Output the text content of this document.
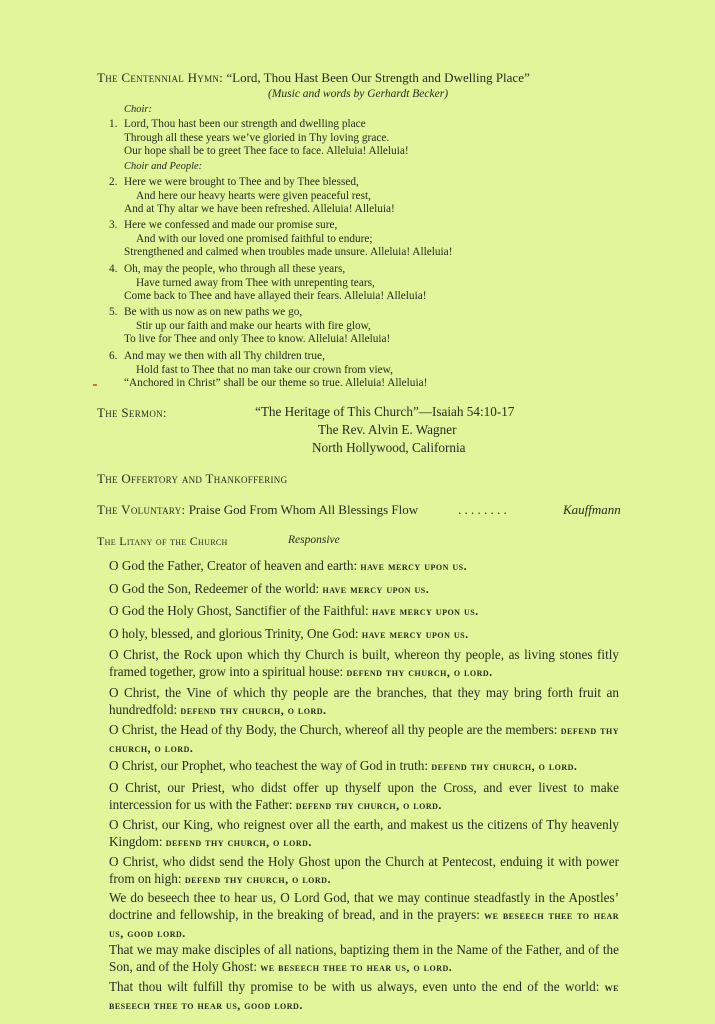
The Centennial Hymn: “Lord, Thou Hast Been Our Strength and Dwelling Place”
(Music and words by Gerhardt Becker)
Choir:
Choir and People:
1. Lord, Thou hast been our strength and dwelling place
Through all these years we’ve gloried in Thy loving grace.
Our hope shall be to greet Thee face to face. Alleluia! Alleluia!
2. Here we were brought to Thee and by Thee blessed,
And here our heavy hearts were given peaceful rest,
And at Thy altar we have been refreshed. Alleluia! Alleluia!
3. Here we confessed and made our promise sure,
And with our loved one promised faithful to endure;
Strengthened and calmed when troubles made unsure. Alleluia! Alleluia!
4. Oh, may the people, who through all these years,
Have turned away from Thee with unrepenting tears,
Come back to Thee and have allayed their fears. Alleluia! Alleluia!
5. Be with us now as on new paths we go,
Stir up our faith and make our hearts with fire glow,
To live for Thee and only Thee to know. Alleluia! Alleluia!
6. And may we then with all Thy children true,
Hold fast to Thee that no man take our crown from view,
“Anchored in Christ” shall be our theme so true. Alleluia! Alleluia!
The Sermon:	“The Heritage of This Church”—Isaiah 54:10-17
The Rev. Alvin E. Wagner
North Hollywood, California
The Offertory and Thankoffering
The Voluntary: Praise God From Whom All Blessings Flow	. . . . . . . .	Kauffmann
The Litany of the Church	Responsive

O God the Father, Creator of heaven and earth: have mercy upon us.

O God the Son, Redeemer of the world: have mercy upon us.

O God the Holy Ghost, Sanctifier of the Faithful: have mercy upon us.

O holy, blessed, and glorious Trinity, One God: have mercy upon us.

O Christ, the Rock upon which thy Church is built, whereon thy people, as living stones fitly framed together, grow into a spiritual house: defend thy church, o lord.

O Christ, the Vine of which thy people are the branches, that they may bring forth fruit an hundredfold: defend thy church, o lord.

O Christ, the Head of thy Body, the Church, whereof all thy people are the members: defend thy church, o lord.

O Christ, our Prophet, who teachest the way of God in truth: defend thy church, o lord.

O Christ, our Priest, who didst offer up thyself upon the Cross, and ever livest to make intercession for us with the Father: defend thy church, o lord.

O Christ, our King, who reignest over all the earth, and makest us the citizens of Thy heavenly Kingdom: defend thy church, o lord.

O Christ, who didst send the Holy Ghost upon the Church at Pentecost, enduing it with power from on high: defend thy church, o lord.

We do beseech thee to hear us, O Lord God, that we may continue steadfastly in the Apostles’ doctrine and fellowship, in the breaking of bread, and in the prayers: we beseech thee to hear us, good lord.

That we may make disciples of all nations, baptizing them in the Name of the Father, and of the Son, and of the Holy Ghost: we beseech thee to hear us, o lord.

That thou wilt fulfill thy promise to be with us always, even unto the end of the world: we beseech thee to hear us, good lord.
